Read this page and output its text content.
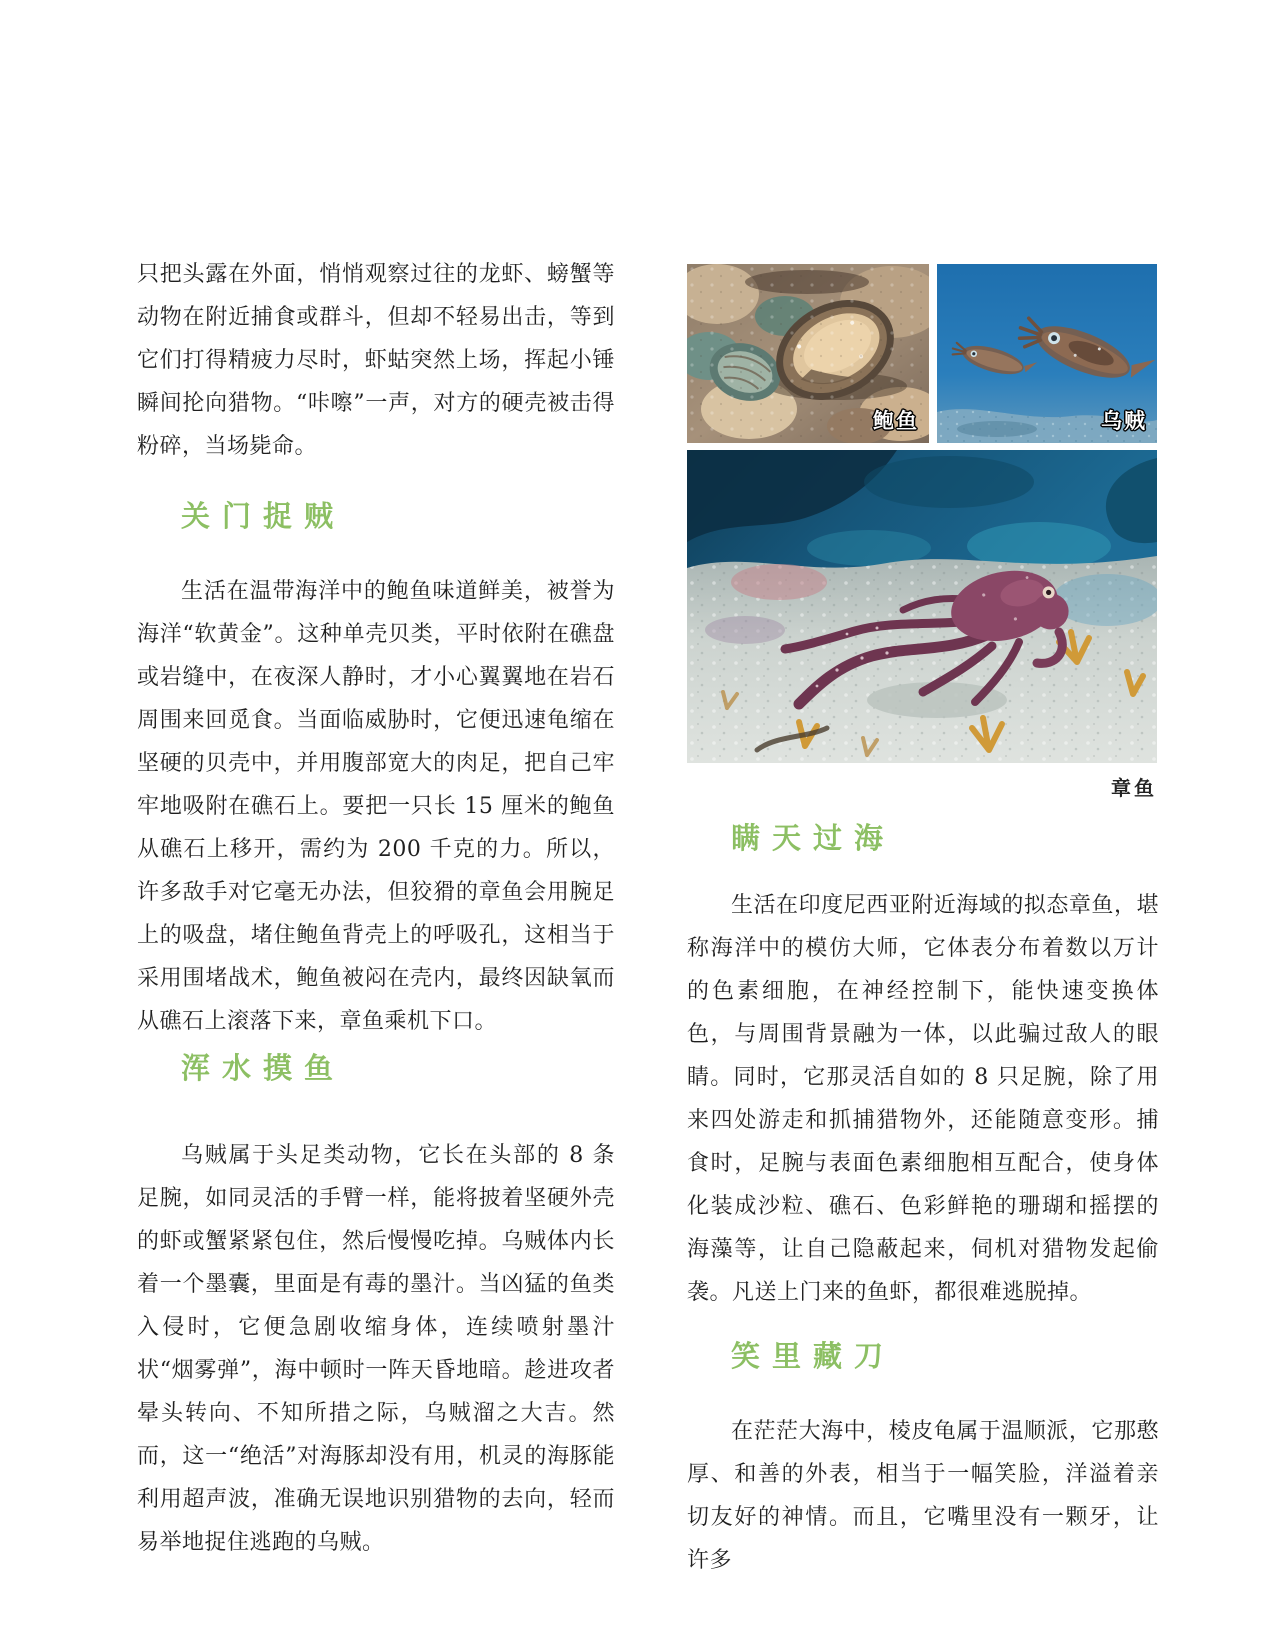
只把头露在外面，悄悄观察过往的龙虾、螃蟹等动物在附近捕食或群斗，但却不轻易出击，等到它们打得精疲力尽时，虾蛄突然上场，挥起小锤瞬间抡向猎物。“咔嚓”一声，对方的硬壳被击得粉碎，当场毙命。

关门捉贼

生活在温带海洋中的鲍鱼味道鲜美，被誉为海洋“软黄金”。这种单壳贝类，平时依附在礁盘或岩缝中，在夜深人静时，才小心翼翼地在岩石周围来回觅食。当面临威胁时，它便迅速龟缩在坚硬的贝壳中，并用腹部宽大的肉足，把自己牢牢地吸附在礁石上。要把一只长 15 厘米的鲍鱼从礁石上移开，需约为 200 千克的力。所以，许多敌手对它毫无办法，但狡猾的章鱼会用腕足上的吸盘，堵住鲍鱼背壳上的呼吸孔，这相当于采用围堵战术，鲍鱼被闷在壳内，最终因缺氧而从礁石上滚落下来，章鱼乘机下口。

浑水摸鱼

乌贼属于头足类动物，它长在头部的 8 条足腕，如同灵活的手臂一样，能将披着坚硬外壳的虾或蟹紧紧包住，然后慢慢吃掉。乌贼体内长着一个墨囊，里面是有毒的墨汁。当凶猛的鱼类入侵时，它便急剧收缩身体，连续喷射墨汁状“烟雾弹”，海中顿时一阵天昏地暗。趁进攻者晕头转向、不知所措之际，乌贼溜之大吉。然而，这一“绝活”对海豚却没有用，机灵的海豚能利用超声波，准确无误地识别猎物的去向，轻而易举地捉住逃跑的乌贼。

鲍鱼	乌贼
章鱼
瞒天过海

生活在印度尼西亚附近海域的拟态章鱼，堪称海洋中的模仿大师，它体表分布着数以万计的色素细胞，在神经控制下，能快速变换体色，与周围背景融为一体，以此骗过敌人的眼睛。同时，它那灵活自如的 8 只足腕，除了用来四处游走和抓捕猎物外，还能随意变形。捕食时，足腕与表面色素细胞相互配合，使身体化装成沙粒、礁石、色彩鲜艳的珊瑚和摇摆的海藻等，让自己隐蔽起来，伺机对猎物发起偷袭。凡送上门来的鱼虾，都很难逃脱掉。

笑里藏刀

在茫茫大海中，棱皮龟属于温顺派，它那憨厚、和善的外表，相当于一幅笑脸，洋溢着亲切友好的神情。而且，它嘴里没有一颗牙，让许多
